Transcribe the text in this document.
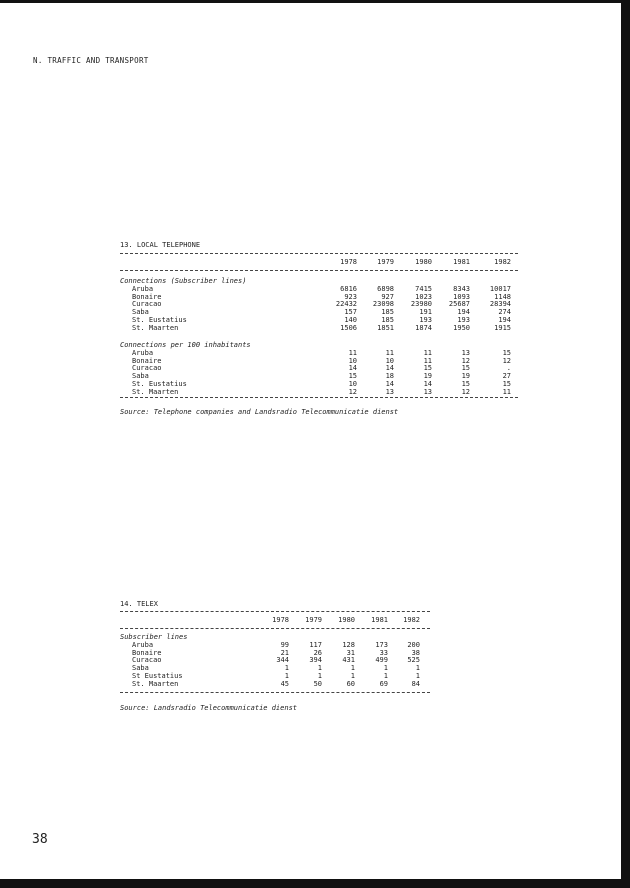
N. TRAFFIC AND TRANSPORT
38
13. LOCAL TELEPHONE
1978	1979	1980	1981	1982
Connections (Subscriber lines)
Aruba	6816	6898	7415	8343	10017
Bonaire	923	927	1023	1093	1148
Curacao	22432	23098	23980	25687	28394
Saba	157	185	191	194	274
St. Eustatius	140	185	193	193	194
St. Maarten	1506	1851	1874	1950	1915
Connections per 100 inhabitants
Aruba	11	11	11	13	15
Bonaire	10	10	11	12	12
Curacao	14	14	15	15	.
Saba	15	18	19	19	27
St. Eustatius	10	14	14	15	15
St. Maarten	12	13	13	12	11
Source: Telephone companies and Landsradio Telecommunicatie dienst
14. TELEX
1978	1979	1980	1981	1982
Subscriber lines
Aruba	99	117	128	173	200
Bonaire	21	26	31	33	38
Curacao	344	394	431	499	525
Saba	1	1	1	1	1
St Eustatius	1	1	1	1	1
St. Maarten	45	50	60	69	84
Source: Landsradio Telecommunicatie dienst
